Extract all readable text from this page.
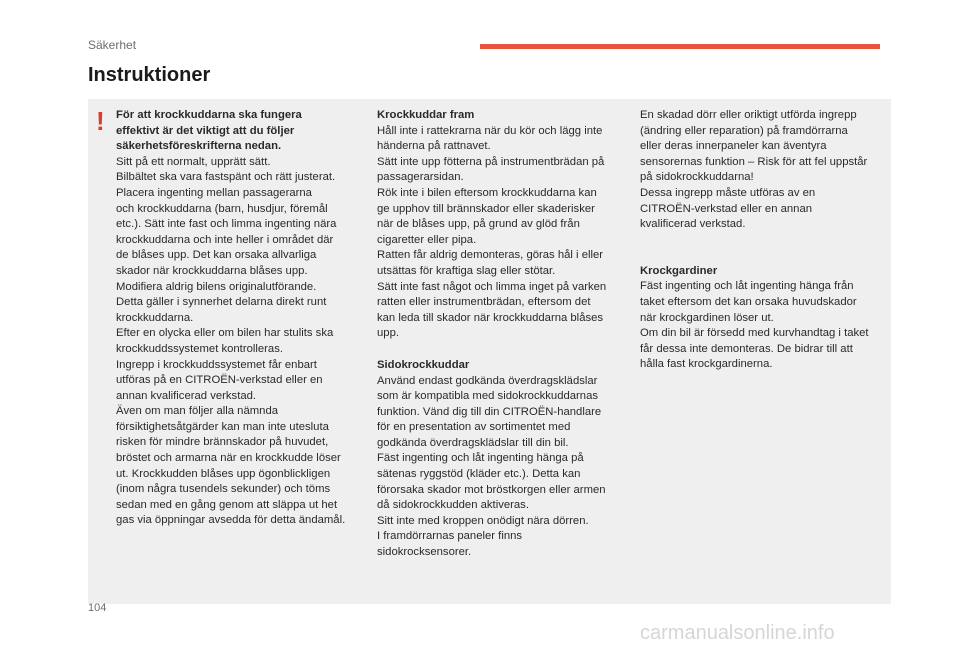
Säkerhet
Instruktioner
! För att krockkuddarna ska fungera
effektivt är det viktigt att du följer
säkerhetsföreskrifterna nedan.

Sitt på ett normalt, upprätt sätt.
Bilbältet ska vara fastspänt och rätt justerat.
Placera ingenting mellan passagerarna
och krockkuddarna (barn, husdjur, föremål
etc.). Sätt inte fast och limma ingenting nära
krockkuddarna och inte heller i området där
de blåses upp. Det kan orsaka allvarliga
skador när krockkuddarna blåses upp.
Modifiera aldrig bilens originalutförande.
Detta gäller i synnerhet delarna direkt runt
krockkuddarna.
Efter en olycka eller om bilen har stulits ska
krockkuddssystemet kontrolleras.
Ingrepp i krockkuddssystemet får enbart
utföras på en CITROËN-verkstad eller en
annan kvalificerad verkstad.
Även om man följer alla nämnda
försiktighetsåtgärder kan man inte utesluta
risken för mindre brännskador på huvudet,
bröstet och armarna när en krockkudde löser
ut. Krockkudden blåses upp ögonblickligen
(inom några tusendels sekunder) och töms
sedan med en gång genom att släppa ut het
gas via öppningar avsedda för detta ändamål.

Krockkuddar fram

Håll inte i rattekrarna när du kör och lägg inte
händerna på rattnavet.
Sätt inte upp fötterna på instrumentbrädan på
passagerarsidan.
Rök inte i bilen eftersom krockkuddarna kan
ge upphov till brännskador eller skaderisker
när de blåses upp, på grund av glöd från
cigaretter eller pipa.
Ratten får aldrig demonteras, göras hål i eller
utsättas för kraftiga slag eller stötar.
Sätt inte fast något och limma inget på varken
ratten eller instrumentbrädan, eftersom det
kan leda till skador när krockkuddarna blåses
upp.

Sidokrockkuddar

Använd endast godkända överdragsklädslar
som är kompatibla med sidokrockkuddarnas
funktion. Vänd dig till din CITROËN-handlare
för en presentation av sortimentet med
godkända överdragsklädslar till din bil.
Fäst ingenting och låt ingenting hänga på
sätenas ryggstöd (kläder etc.). Detta kan
förorsaka skador mot bröstkorgen eller armen
då sidokrockkudden aktiveras.
Sitt inte med kroppen onödigt nära dörren.
I framdörrarnas paneler finns
sidokrocksensorer.

En skadad dörr eller oriktigt utförda ingrepp
(ändring eller reparation) på framdörrarna
eller deras innerpaneler kan äventyra
sensorernas funktion – Risk för att fel uppstår
på sidokrockkuddarna!
Dessa ingrepp måste utföras av en
CITROËN-verkstad eller en annan
kvalificerad verkstad.

Krockgardiner

Fäst ingenting och låt ingenting hänga från
taket eftersom det kan orsaka huvudskador
när krockgardinen löser ut.
Om din bil är försedd med kurvhandtag i taket
får dessa inte demonteras. De bidrar till att
hålla fast krockgardinerna.

104
carmanualsonline.info
